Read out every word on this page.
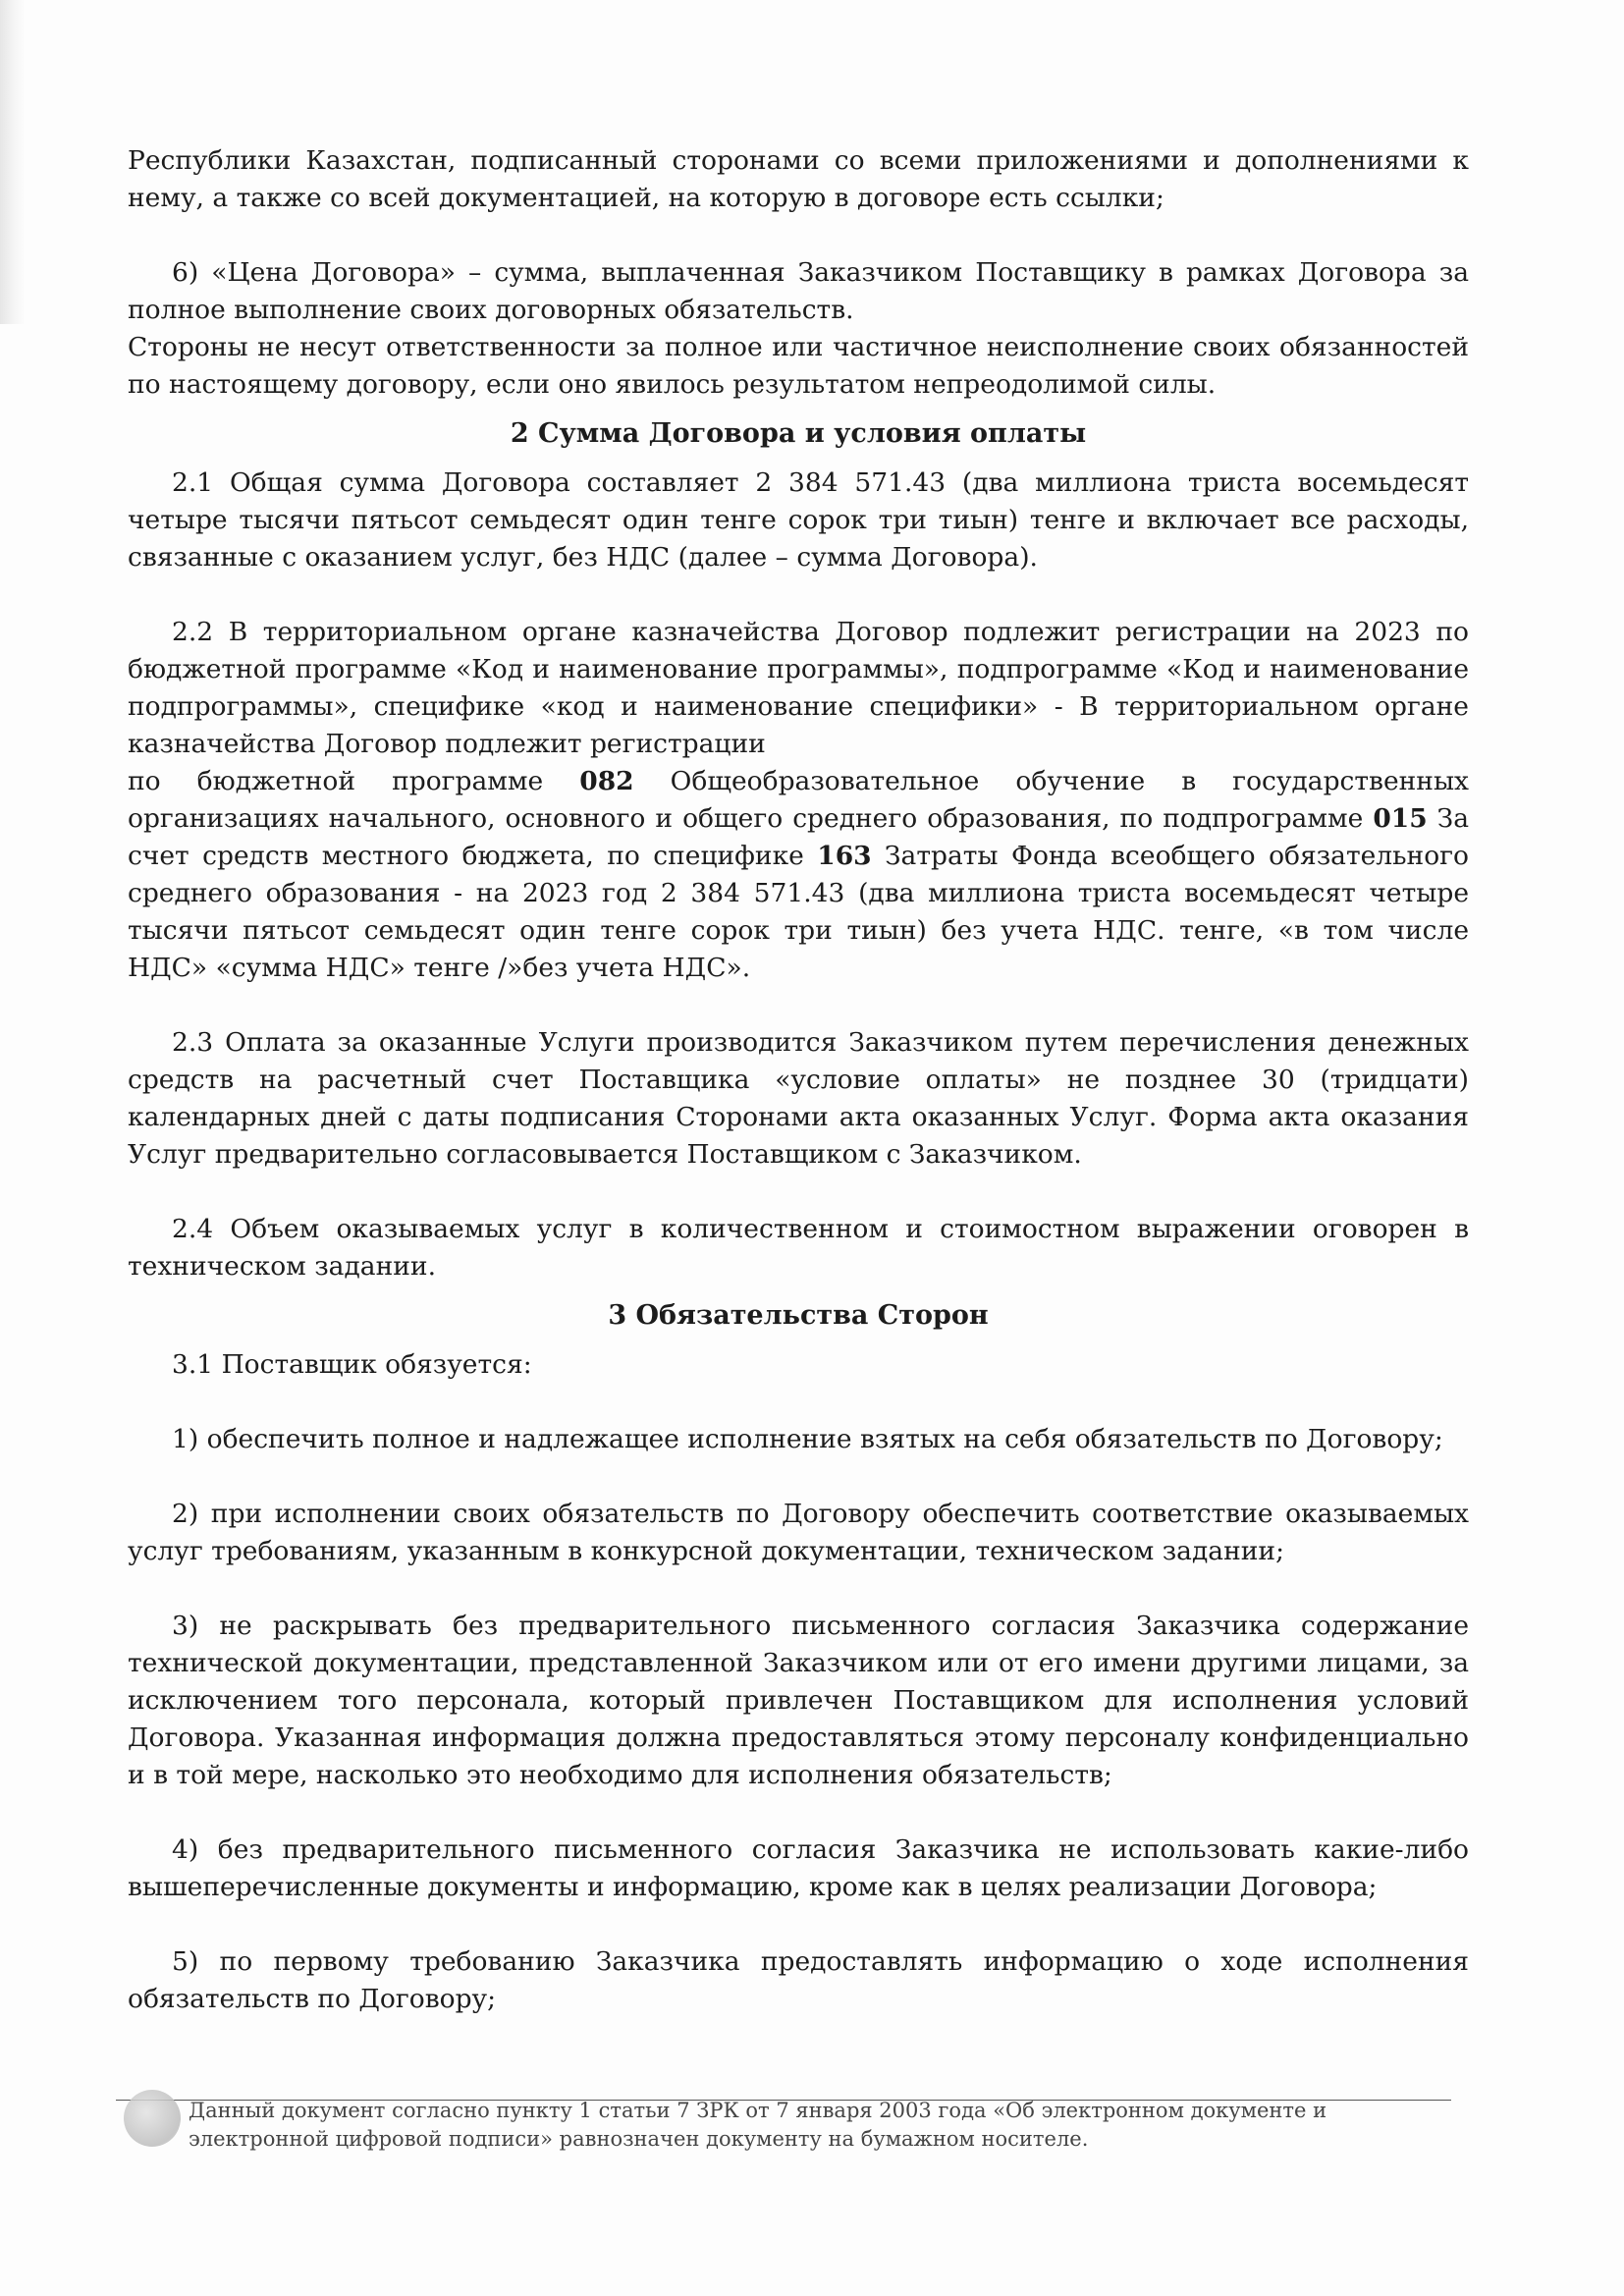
Республики Казахстан, подписанный сторонами со всеми приложениями и дополнениями к нему, а также со всей документацией, на которую в договоре есть ссылки;

6) «Цена Договора» – сумма, выплаченная Заказчиком Поставщику в рамках Договора за полное выполнение своих договорных обязательств.

Стороны не несут ответственности за полное или частичное неисполнение своих обязанностей по настоящему договору, если оно явилось результатом непреодолимой силы.

2 Сумма Договора и условия оплаты

2.1 Общая сумма Договора составляет 2 384 571.43 (два миллиона триста восемьдесят четыре тысячи пятьсот семьдесят один тенге сорок три тиын) тенге и включает все расходы, связанные с оказанием услуг, без НДС (далее – сумма Договора).

2.2 В территориальном органе казначейства Договор подлежит регистрации на 2023 по бюджетной программе «Код и наименование программы», подпрограмме «Код и наименование подпрограммы», специфике «код и наименование специфики» - В территориальном органе казначейства Договор подлежит регистрации

по бюджетной программе 082 Общеобразовательное обучение в государственных организациях начального, основного и общего среднего образования, по подпрограмме 015 За счет средств местного бюджета, по специфике 163 Затраты Фонда всеобщего обязательного среднего образования - на 2023 год 2 384 571.43 (два миллиона триста восемьдесят четыре тысячи пятьсот семьдесят один тенге сорок три тиын) без учета НДС. тенге, «в том числе НДС» «сумма НДС» тенге /»без учета НДС».

2.3 Оплата за оказанные Услуги производится Заказчиком путем перечисления денежных средств на расчетный счет Поставщика «условие оплаты» не позднее 30 (тридцати) календарных дней с даты подписания Сторонами акта оказанных Услуг. Форма акта оказания Услуг предварительно согласовывается Поставщиком с Заказчиком.

2.4 Объем оказываемых услуг в количественном и стоимостном выражении оговорен в техническом задании.

3 Обязательства Сторон

3.1 Поставщик обязуется:

1) обеспечить полное и надлежащее исполнение взятых на себя обязательств по Договору;

2) при исполнении своих обязательств по Договору обеспечить соответствие оказываемых услуг требованиям, указанным в конкурсной документации, техническом задании;

3) не раскрывать без предварительного письменного согласия Заказчика содержание технической документации, представленной Заказчиком или от его имени другими лицами, за исключением того персонала, который привлечен Поставщиком для исполнения условий Договора. Указанная информация должна предоставляться этому персоналу конфиденциально и в той мере, насколько это необходимо для исполнения обязательств;

4) без предварительного письменного согласия Заказчика не использовать какие-либо вышеперечисленные документы и информацию, кроме как в целях реализации Договора;

5) по первому требованию Заказчика предоставлять информацию о ходе исполнения обязательств по Договору;

Данный документ согласно пункту 1 статьи 7 ЗРК от 7 января 2003 года «Об электронном документе и электронной цифровой подписи» равнозначен документу на бумажном носителе.
